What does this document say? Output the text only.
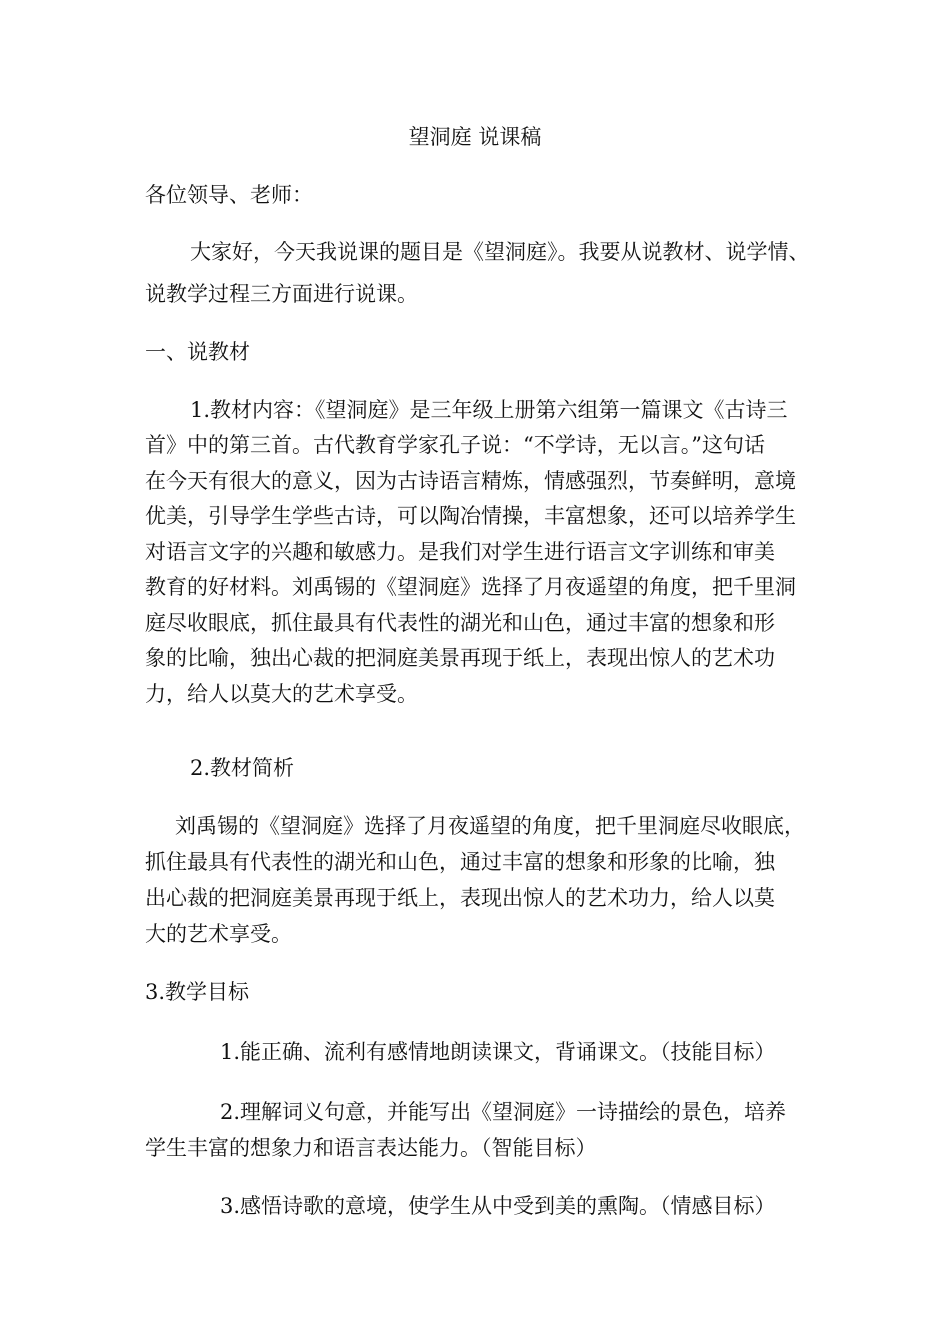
望洞庭 说课稿
各位领导、老师：
大家好，今天我说课的题目是《望洞庭》。我要从说教材、说学情、
说教学过程三方面进行说课。
一、说教材
1.教材内容：《望洞庭》是三年级上册第六组第一篇课文《古诗三
首》中的第三首。古代教育学家孔子说：“不学诗，无以言。”这句话
在今天有很大的意义，因为古诗语言精炼，情感强烈，节奏鲜明，意境
优美，引导学生学些古诗，可以陶冶情操，丰富想象，还可以培养学生
对语言文字的兴趣和敏感力。是我们对学生进行语言文字训练和审美
教育的好材料。刘禹锡的《望洞庭》选择了月夜遥望的角度，把千里洞
庭尽收眼底，抓住最具有代表性的湖光和山色，通过丰富的想象和形
象的比喻，独出心裁的把洞庭美景再现于纸上，表现出惊人的艺术功
力，给人以莫大的艺术享受。
2.教材简析
刘禹锡的《望洞庭》选择了月夜遥望的角度，把千里洞庭尽收眼底，
抓住最具有代表性的湖光和山色，通过丰富的想象和形象的比喻，独
出心裁的把洞庭美景再现于纸上，表现出惊人的艺术功力，给人以莫
大的艺术享受。
3.教学目标
1.能正确、流利有感情地朗读课文，背诵课文。（技能目标）
2.理解词义句意，并能写出《望洞庭》一诗描绘的景色，培养
学生丰富的想象力和语言表达能力。（智能目标）
3.感悟诗歌的意境，使学生从中受到美的熏陶。（情感目标）
